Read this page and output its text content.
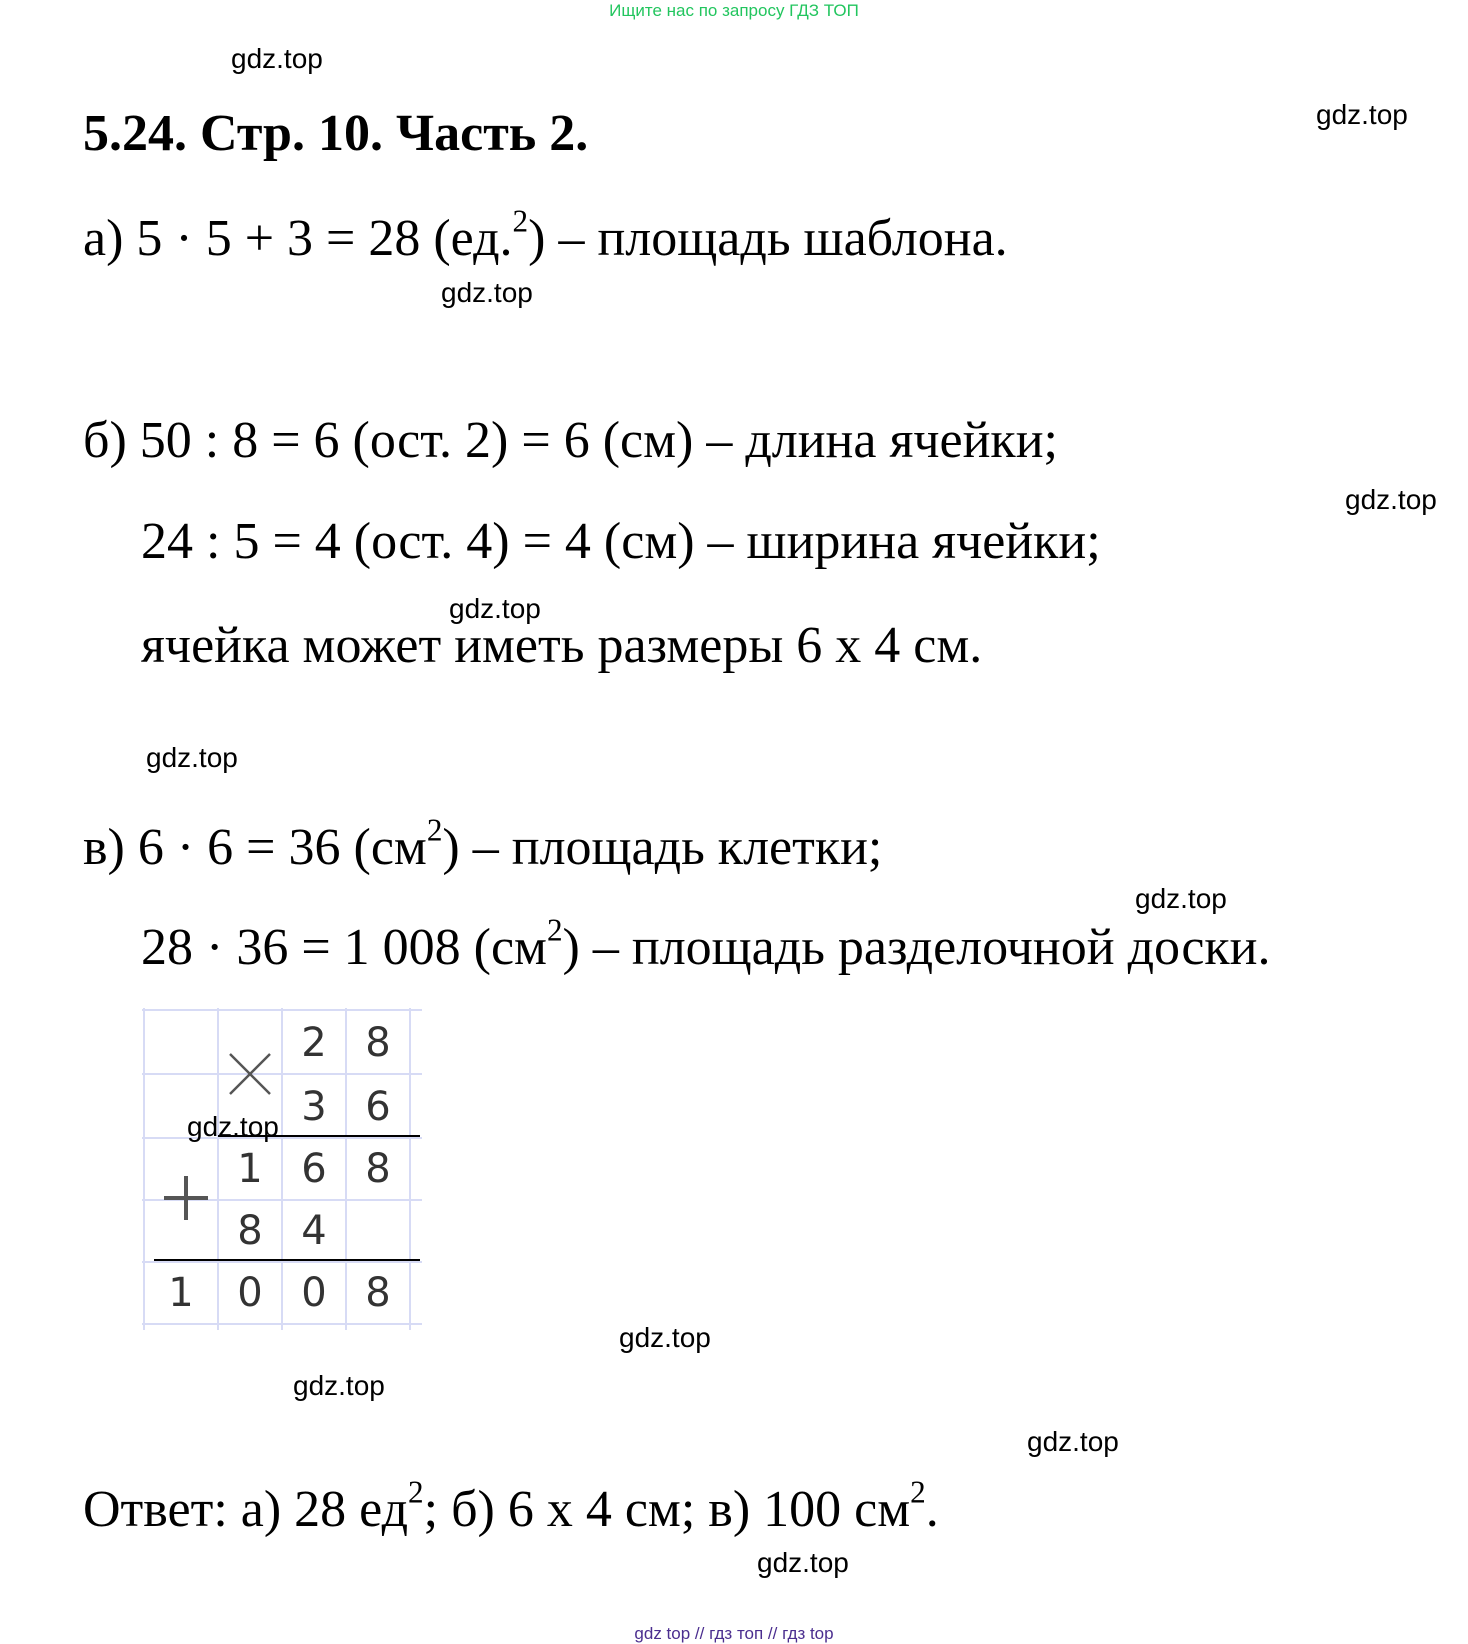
Ищите нас по запросу ГДЗ ТОП
gdz.top
gdz.top
5.24. Стр. 10. Часть 2.
а) 5 · 5 + 3 = 28 (ед.$^2$) – площадь шаблона.
gdz.top
б) 50 : 8 = 6 (ост. 2) = 6 (см) – длина ячейки;
gdz.top
24 : 5 = 4 (ост. 4) = 4 (см) – ширина ячейки;
gdz.top
ячейка может иметь размеры 6 х 4 см.
gdz.top
в) 6 · 6 = 36 $(см^2)$ – площадь клетки;
gdz.top
28 · 36 = 1 008 $(см^2)$ – площадь разделочной доски.
2 8
3 6
1 6 8
8 4
1 0 0 8
gdz.top
gdz.top
gdz.top
gdz.top
Ответ: а) 28 $ед^2$; б) 6 х 4 см; в) 100 $см^2$.
gdz.top
gdz top // гдз топ // гдз top
